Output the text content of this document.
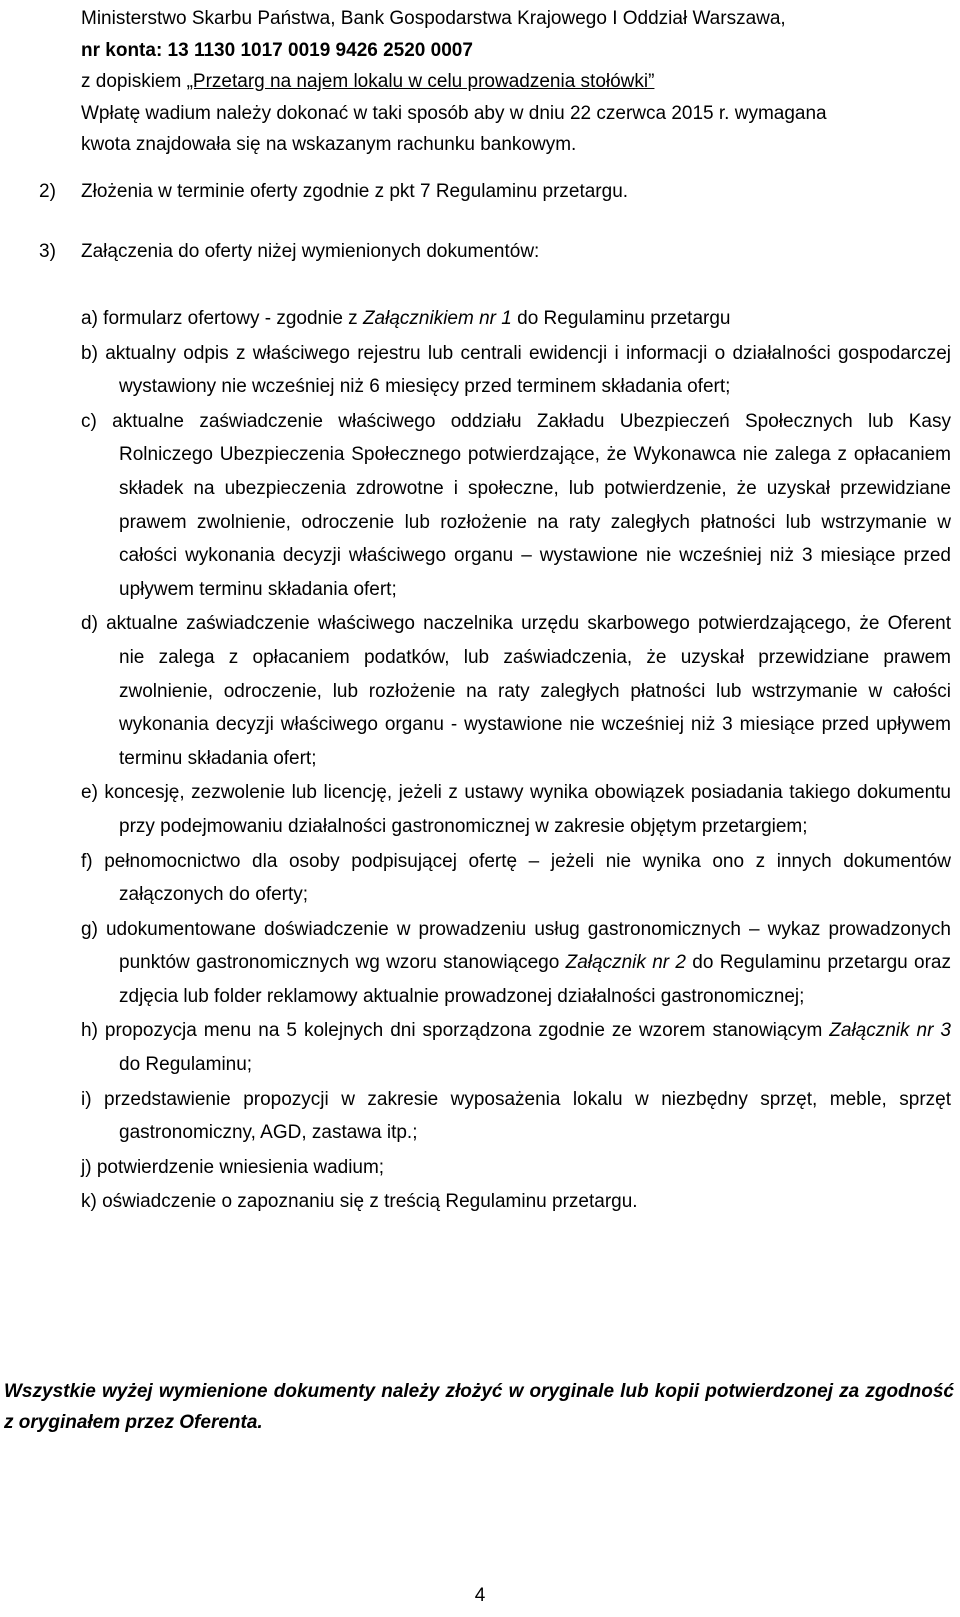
Ministerstwo Skarbu Państwa, Bank Gospodarstwa Krajowego I Oddział Warszawa,
nr konta: 13 1130 1017 0019 9426 2520 0007
z dopiskiem „Przetarg na najem lokalu w celu prowadzenia stołówki”
Wpłatę wadium należy dokonać w taki sposób aby w dniu 22 czerwca 2015 r. wymagana
kwota znajdowała się na wskazanym rachunku bankowym.
2) Złożenia w terminie oferty zgodnie z pkt 7 Regulaminu przetargu.
3) Załączenia do oferty niżej wymienionych dokumentów:
a) formularz ofertowy - zgodnie z Załącznikiem nr 1 do Regulaminu przetargu
b) aktualny odpis z właściwego rejestru lub centrali ewidencji i informacji o działalności gospodarczej wystawiony nie wcześniej niż 6 miesięcy przed terminem składania ofert;
c) aktualne zaświadczenie właściwego oddziału Zakładu Ubezpieczeń Społecznych lub Kasy Rolniczego Ubezpieczenia Społecznego potwierdzające, że Wykonawca nie zalega z opłacaniem składek na ubezpieczenia zdrowotne i społeczne, lub potwierdzenie, że uzyskał przewidziane prawem zwolnienie, odroczenie lub rozłożenie na raty zaległych płatności lub wstrzymanie w całości wykonania decyzji właściwego organu – wystawione nie wcześniej niż 3 miesiące przed upływem terminu składania ofert;
d) aktualne zaświadczenie właściwego naczelnika urzędu skarbowego potwierdzającego, że Oferent nie zalega z opłacaniem podatków, lub zaświadczenia, że uzyskał przewidziane prawem zwolnienie, odroczenie, lub rozłożenie na raty zaległych płatności lub wstrzymanie w całości wykonania decyzji właściwego organu - wystawione nie wcześniej niż 3 miesiące przed upływem terminu składania ofert;
e) koncesję, zezwolenie lub licencję, jeżeli z ustawy wynika obowiązek posiadania takiego dokumentu przy podejmowaniu działalności gastronomicznej w zakresie objętym przetargiem;
f) pełnomocnictwo dla osoby podpisującej ofertę – jeżeli nie wynika ono z innych dokumentów załączonych do oferty;
g) udokumentowane doświadczenie w prowadzeniu usług gastronomicznych – wykaz prowadzonych punktów gastronomicznych wg wzoru stanowiącego Załącznik nr 2 do Regulaminu przetargu oraz zdjęcia lub folder reklamowy aktualnie prowadzonej działalności gastronomicznej;
h) propozycja menu na 5 kolejnych dni sporządzona zgodnie ze wzorem stanowiącym Załącznik nr 3 do Regulaminu;
i) przedstawienie propozycji w zakresie wyposażenia lokalu w niezbędny sprzęt, meble, sprzęt gastronomiczny, AGD, zastawa itp.;
j) potwierdzenie wniesienia wadium;
k) oświadczenie o zapoznaniu się z treścią Regulaminu przetargu.
Wszystkie wyżej wymienione dokumenty należy złożyć w oryginale lub kopii potwierdzonej za zgodność z oryginałem przez Oferenta.
4
